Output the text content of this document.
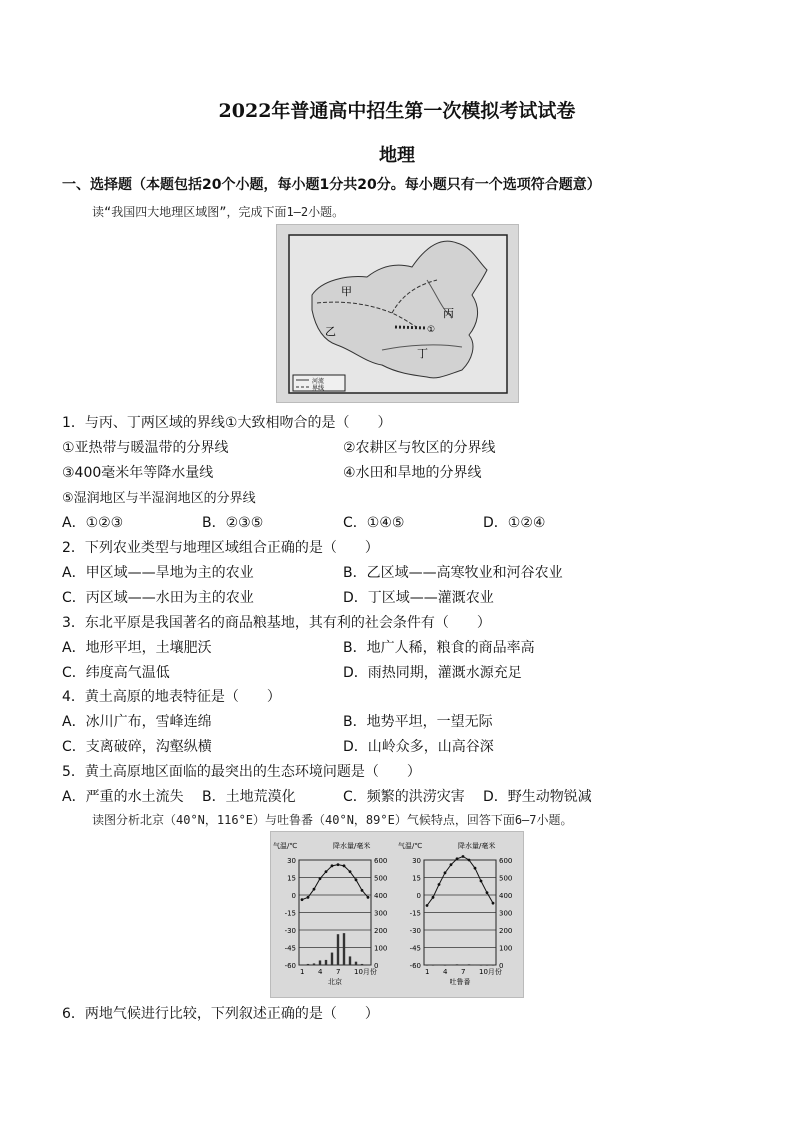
2022年普通高中招生第一次模拟考试试卷
地理
一、选择题（本题包括20个小题，每小题1分共20分。每小题只有一个选项符合题意）
读“我国四大地理区域图”，完成下面1—2小题。
甲
乙
丙
丁
①
河流
界线
1．与丙、丁两区域的界线①大致相吻合的是（　　）
①亚热带与暖温带的分界线	②农耕区与牧区的分界线
③400毫米年等降水量线	④水田和旱地的分界线
⑤湿润地区与半湿润地区的分界线
A．①②③	B．②③⑤	C．①④⑤	D．①②④
2．下列农业类型与地理区域组合正确的是（　　）
A．甲区域——旱地为主的农业	B．乙区域——高寒牧业和河谷农业
C．丙区域——水田为主的农业	D．丁区域——灌溉农业
3．东北平原是我国著名的商品粮基地，其有利的社会条件有（　　）
A．地形平坦，土壤肥沃	B．地广人稀，粮食的商品率高
C．纬度高气温低	D．雨热同期，灌溉水源充足
4．黄土高原的地表特征是（　　）
A．冰川广布，雪峰连绵	B．地势平坦，一望无际
C．支离破碎，沟壑纵横	D．山岭众多，山高谷深
5．黄土高原地区面临的最突出的生态环境问题是（　　）
A．严重的水土流失 B．土地荒漠化	C．频繁的洪涝灾害 D．野生动物锐减
读图分析北京（40°N，116°E）与吐鲁番（40°N，89°E）气候特点，回答下面6—7小题。
气温/℃	降水量/毫米
30	600
15	500
0	400
-15	300
-30	200
-45	100
-60	0
1 4 7 10月份
北京
气温/℃	降水量/毫米
30	600
15	500
0	400
-15	300
-30	200
-45	100
-60	0
1 4 7 10月份
吐鲁番
6．两地气候进行比较，下列叙述正确的是（　　）
